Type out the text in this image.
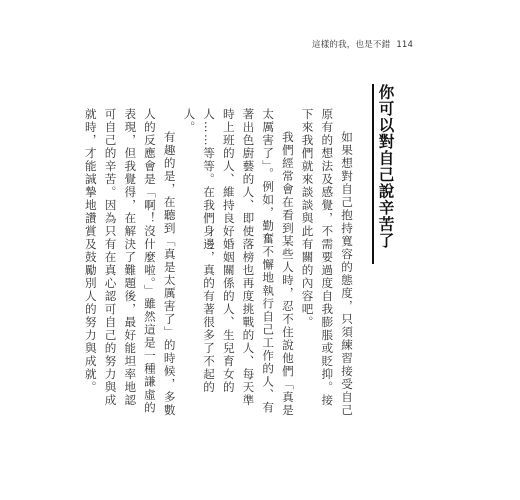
這樣的我，也是不錯 114
你可以對自己說辛苦了

如果想對自己抱持寬容的態度，只須練習接受自己原有的想法及感覺，不需要過度自我膨脹或貶抑。接下來我們就來談談與此有關的內容吧。

我們經常會在看到某些人時，忍不住說他們「真是太厲害了」。例如，勤奮不懈地執行自己工作的人、有著出色廚藝的人、即使落榜也再度挑戰的人、每天準時上班的人、維持良好婚姻關係的人、生兒育女的人……等等。在我們身邊，真的有著很多了不起的人。

有趣的是，在聽到「真是太厲害了」的時候，多數人的反應會是「啊！沒什麼啦。」雖然這是一種謙虛的表現，但我覺得，在解決了難題後，最好能坦率地認可自己的辛苦。因為只有在真心認可自己的努力與成就時，才能誠摯地讚賞及鼓勵別人的努力與成就。
